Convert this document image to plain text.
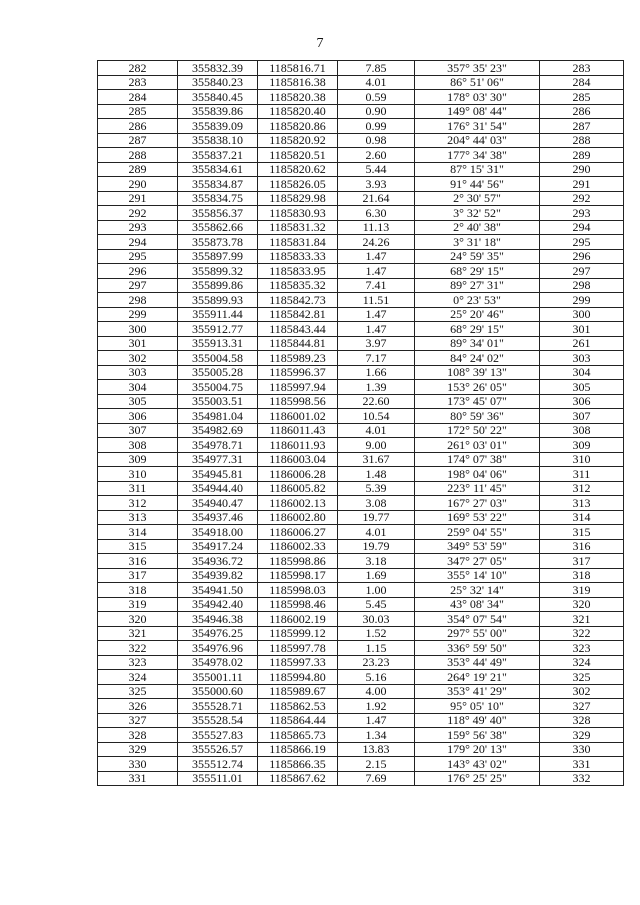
7
282	355832.39	1185816.71	7.85	357° 35' 23"	283
283	355840.23	1185816.38	4.01	86° 51' 06"	284
284	355840.45	1185820.38	0.59	178° 03' 30"	285
285	355839.86	1185820.40	0.90	149° 08' 44"	286
286	355839.09	1185820.86	0.99	176° 31' 54"	287
287	355838.10	1185820.92	0.98	204° 44' 03"	288
288	355837.21	1185820.51	2.60	177° 34' 38"	289
289	355834.61	1185820.62	5.44	87° 15' 31"	290
290	355834.87	1185826.05	3.93	91° 44' 56"	291
291	355834.75	1185829.98	21.64	2° 30' 57"	292
292	355856.37	1185830.93	6.30	3° 32' 52"	293
293	355862.66	1185831.32	11.13	2° 40' 38"	294
294	355873.78	1185831.84	24.26	3° 31' 18"	295
295	355897.99	1185833.33	1.47	24° 59' 35"	296
296	355899.32	1185833.95	1.47	68° 29' 15"	297
297	355899.86	1185835.32	7.41	89° 27' 31"	298
298	355899.93	1185842.73	11.51	0° 23' 53"	299
299	355911.44	1185842.81	1.47	25° 20' 46"	300
300	355912.77	1185843.44	1.47	68° 29' 15"	301
301	355913.31	1185844.81	3.97	89° 34' 01"	261
302	355004.58	1185989.23	7.17	84° 24' 02"	303
303	355005.28	1185996.37	1.66	108° 39' 13"	304
304	355004.75	1185997.94	1.39	153° 26' 05"	305
305	355003.51	1185998.56	22.60	173° 45' 07"	306
306	354981.04	1186001.02	10.54	80° 59' 36"	307
307	354982.69	1186011.43	4.01	172° 50' 22"	308
308	354978.71	1186011.93	9.00	261° 03' 01"	309
309	354977.31	1186003.04	31.67	174° 07' 38"	310
310	354945.81	1186006.28	1.48	198° 04' 06"	311
311	354944.40	1186005.82	5.39	223° 11' 45"	312
312	354940.47	1186002.13	3.08	167° 27' 03"	313
313	354937.46	1186002.80	19.77	169° 53' 22"	314
314	354918.00	1186006.27	4.01	259° 04' 55"	315
315	354917.24	1186002.33	19.79	349° 53' 59"	316
316	354936.72	1185998.86	3.18	347° 27' 05"	317
317	354939.82	1185998.17	1.69	355° 14' 10"	318
318	354941.50	1185998.03	1.00	25° 32' 14"	319
319	354942.40	1185998.46	5.45	43° 08' 34"	320
320	354946.38	1186002.19	30.03	354° 07' 54"	321
321	354976.25	1185999.12	1.52	297° 55' 00"	322
322	354976.96	1185997.78	1.15	336° 59' 50"	323
323	354978.02	1185997.33	23.23	353° 44' 49"	324
324	355001.11	1185994.80	5.16	264° 19' 21"	325
325	355000.60	1185989.67	4.00	353° 41' 29"	302
326	355528.71	1185862.53	1.92	95° 05' 10"	327
327	355528.54	1185864.44	1.47	118° 49' 40"	328
328	355527.83	1185865.73	1.34	159° 56' 38"	329
329	355526.57	1185866.19	13.83	179° 20' 13"	330
330	355512.74	1185866.35	2.15	143° 43' 02"	331
331	355511.01	1185867.62	7.69	176° 25' 25"	332
